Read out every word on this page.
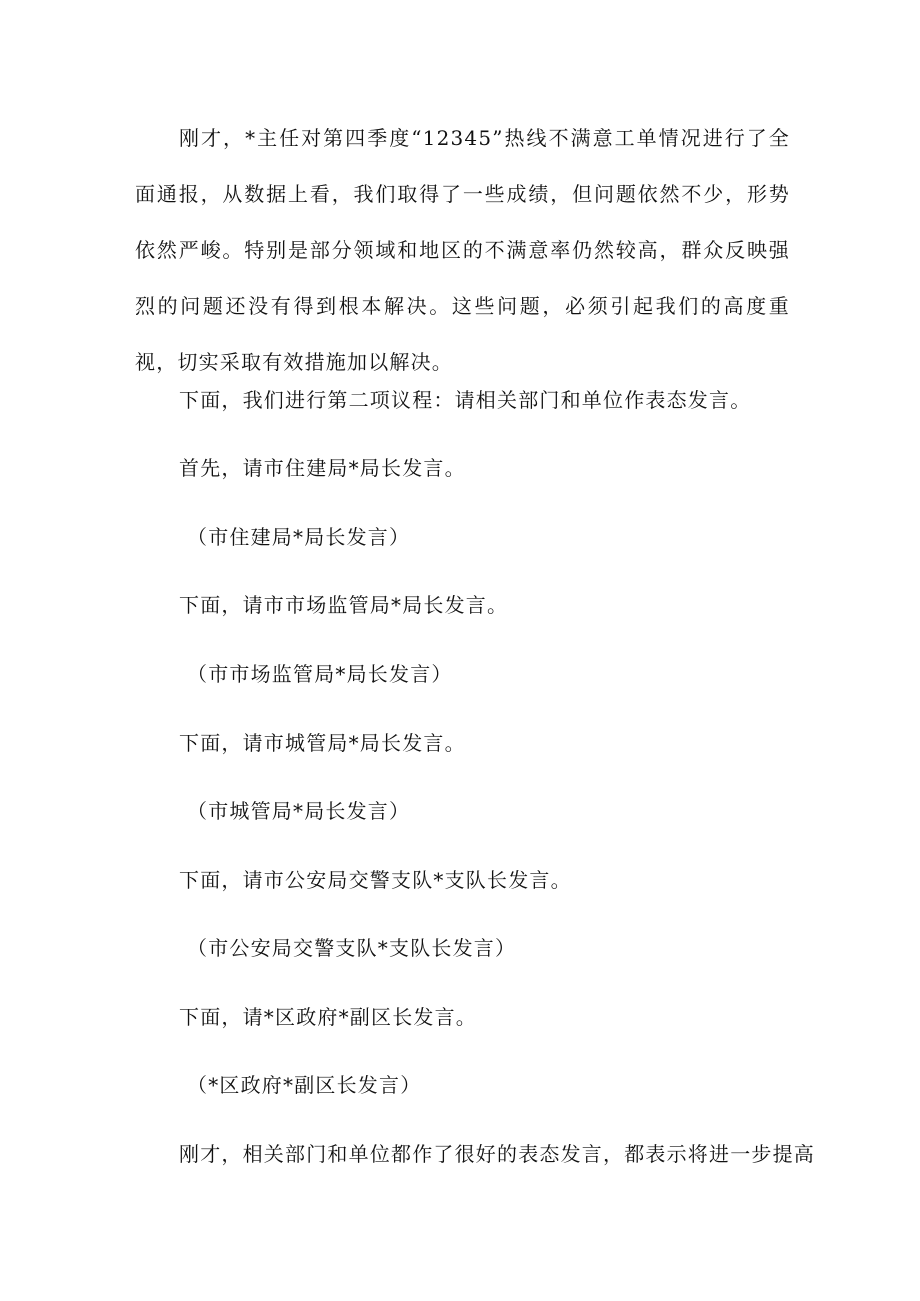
刚才，*主任对第四季度“12345”热线不满意工单情况进行了全面通报，从数据上看，我们取得了一些成绩，但问题依然不少，形势依然严峻。特别是部分领域和地区的不满意率仍然较高，群众反映强烈的问题还没有得到根本解决。这些问题，必须引起我们的高度重视，切实采取有效措施加以解决。

下面，我们进行第二项议程：请相关部门和单位作表态发言。

首先，请市住建局*局长发言。

（市住建局*局长发言）

下面，请市市场监管局*局长发言。

（市市场监管局*局长发言）

下面，请市城管局*局长发言。

（市城管局*局长发言）

下面，请市公安局交警支队*支队长发言。

（市公安局交警支队*支队长发言）

下面，请*区政府*副区长发言。

（*区政府*副区长发言）

刚才，相关部门和单位都作了很好的表态发言，都表示将进一步提高
